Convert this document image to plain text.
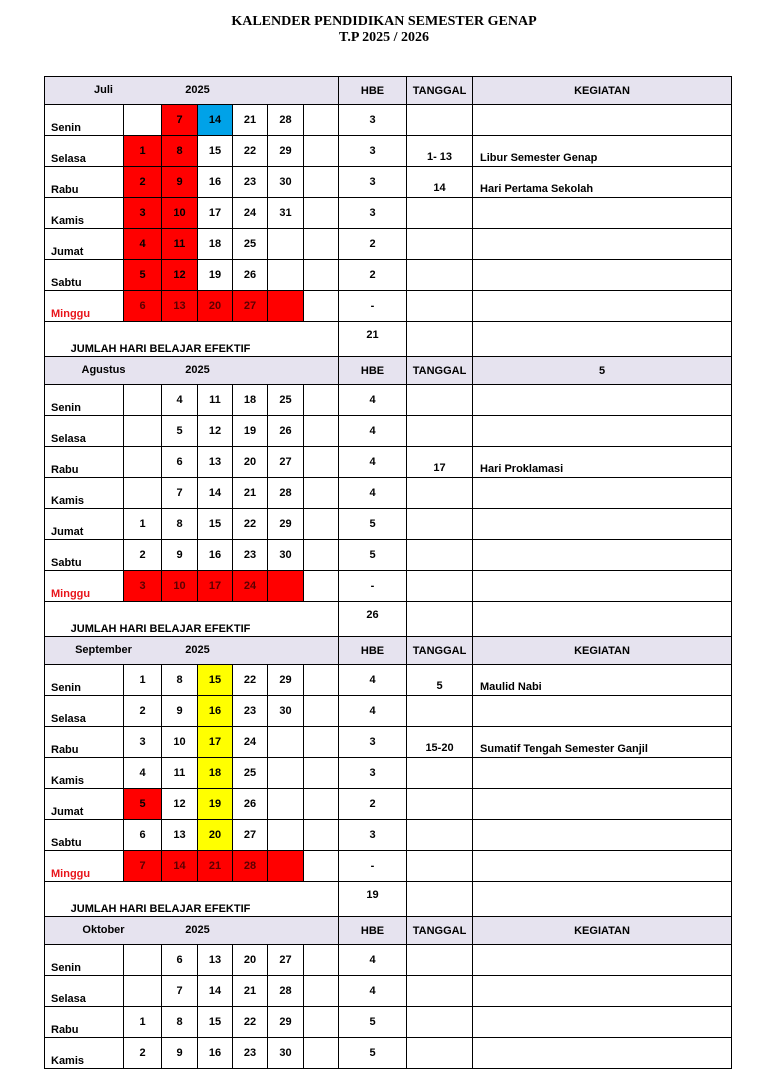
KALENDER PENDIDIKAN SEMESTER GENAP
T.P 2025 / 2026
Juli 2025							HBE	TANGGAL	KEGIATAN
Senin		7	14	21	28		3		
Selasa	1	8	15	22	29		3	1- 13	Libur Semester Genap
Rabu	2	9	16	23	30		3	14	Hari Pertama Sekolah
Kamis	3	10	17	24	31		3		
Jumat	4	11	18	25			2		
Sabtu	5	12	19	26			2		
Minggu	6	13	20	27			-		
JUMLAH HARI BELAJAR EFEKTIF							21		

Agustus 2025							HBE	TANGGAL	5
Senin		4	11	18	25		4		
Selasa		5	12	19	26		4		
Rabu		6	13	20	27		4	17	Hari Proklamasi
Kamis		7	14	21	28		4		
Jumat	1	8	15	22	29		5		
Sabtu	2	9	16	23	30		5		
Minggu	3	10	17	24			-		
JUMLAH HARI BELAJAR EFEKTIF							26		

September 2025							HBE	TANGGAL	KEGIATAN
Senin	1	8	15	22	29		4	5	Maulid Nabi
Selasa	2	9	16	23	30		4		
Rabu	3	10	17	24			3	15-20	Sumatif Tengah Semester Ganjil
Kamis	4	11	18	25			3		
Jumat	5	12	19	26			2		
Sabtu	6	13	20	27			3		
Minggu	7	14	21	28			-		
JUMLAH HARI BELAJAR EFEKTIF							19		

Oktober 2025							HBE	TANGGAL	KEGIATAN
Senin		6	13	20	27		4		
Selasa		7	14	21	28		4		
Rabu	1	8	15	22	29		5		
Kamis	2	9	16	23	30		5		
